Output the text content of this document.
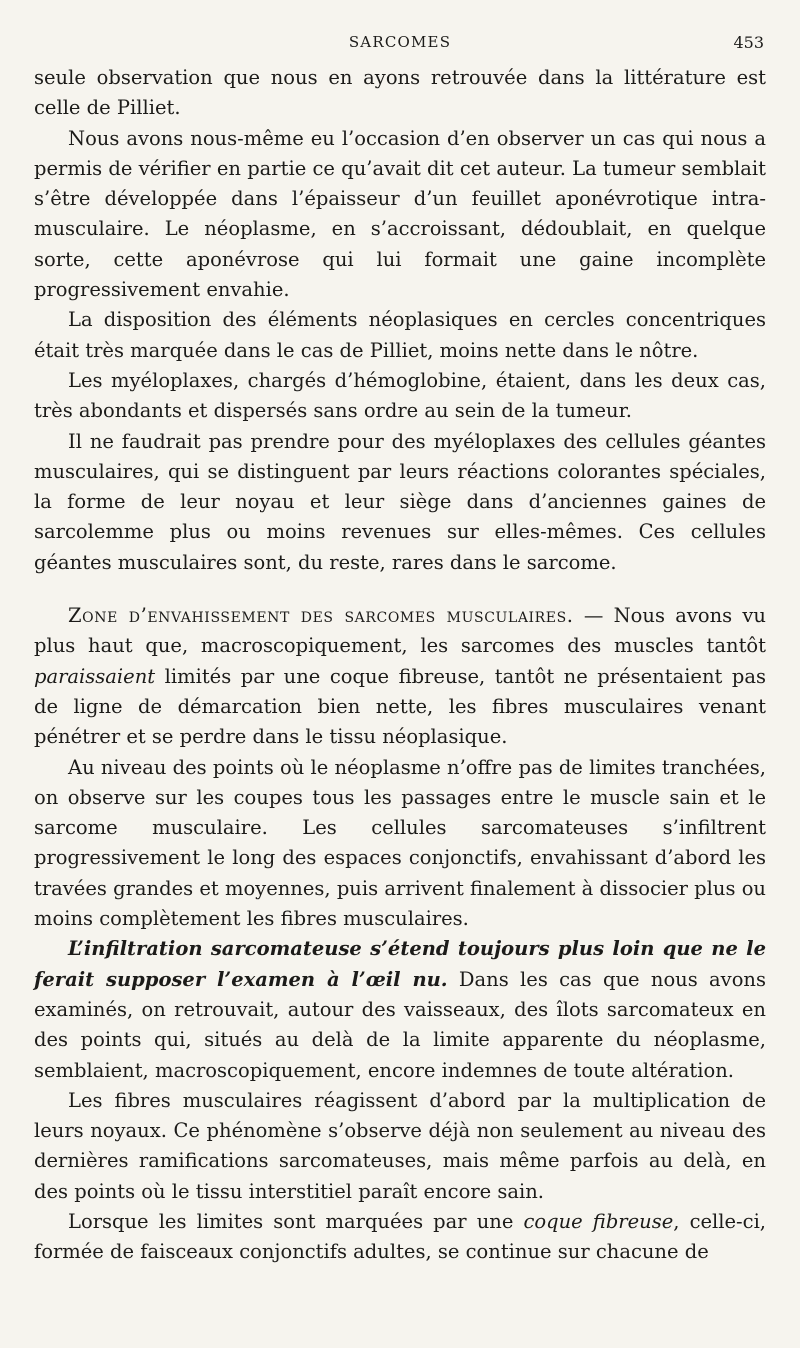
SARCOMES	453

seule observation que nous en ayons retrouvée dans la littérature est celle de Pilliet.

Nous avons nous-même eu l’occasion d’en observer un cas qui nous a permis de vérifier en partie ce qu’avait dit cet auteur. La tumeur semblait s’être développée dans l’épaisseur d’un feuillet aponévrotique intra-musculaire. Le néoplasme, en s’accroissant, dédoublait, en quelque sorte, cette aponévrose qui lui formait une gaine incomplète progressivement envahie.

La disposition des éléments néoplasiques en cercles concentriques était très marquée dans le cas de Pilliet, moins nette dans le nôtre.

Les myéloplaxes, chargés d’hémoglobine, étaient, dans les deux cas, très abondants et dispersés sans ordre au sein de la tumeur.

Il ne faudrait pas prendre pour des myéloplaxes des cellules géantes musculaires, qui se distinguent par leurs réactions colorantes spéciales, la forme de leur noyau et leur siège dans d’anciennes gaines de sarcolemme plus ou moins revenues sur elles-mêmes. Ces cellules géantes musculaires sont, du reste, rares dans le sarcome.

Zone d’envahissement des sarcomes musculaires. — Nous avons vu plus haut que, macroscopiquement, les sarcomes des muscles tantôt paraissaient limités par une coque fibreuse, tantôt ne présentaient pas de ligne de démarcation bien nette, les fibres musculaires venant pénétrer et se perdre dans le tissu néoplasique.

Au niveau des points où le néoplasme n’offre pas de limites tranchées, on observe sur les coupes tous les passages entre le muscle sain et le sarcome musculaire. Les cellules sarcomateuses s’infiltrent progressivement le long des espaces conjonctifs, envahissant d’abord les travées grandes et moyennes, puis arrivent finalement à dissocier plus ou moins complètement les fibres musculaires.

L’infiltration sarcomateuse s’étend toujours plus loin que ne le ferait supposer l’examen à l’œil nu. Dans les cas que nous avons examinés, on retrouvait, autour des vaisseaux, des îlots sarcomateux en des points qui, situés au delà de la limite apparente du néoplasme, semblaient, macroscopiquement, encore indemnes de toute altération.

Les fibres musculaires réagissent d’abord par la multiplication de leurs noyaux. Ce phénomène s’observe déjà non seulement au niveau des dernières ramifications sarcomateuses, mais même parfois au delà, en des points où le tissu interstitiel paraît encore sain.

Lorsque les limites sont marquées par une coque fibreuse, celle-ci, formée de faisceaux conjonctifs adultes, se continue sur chacune de
